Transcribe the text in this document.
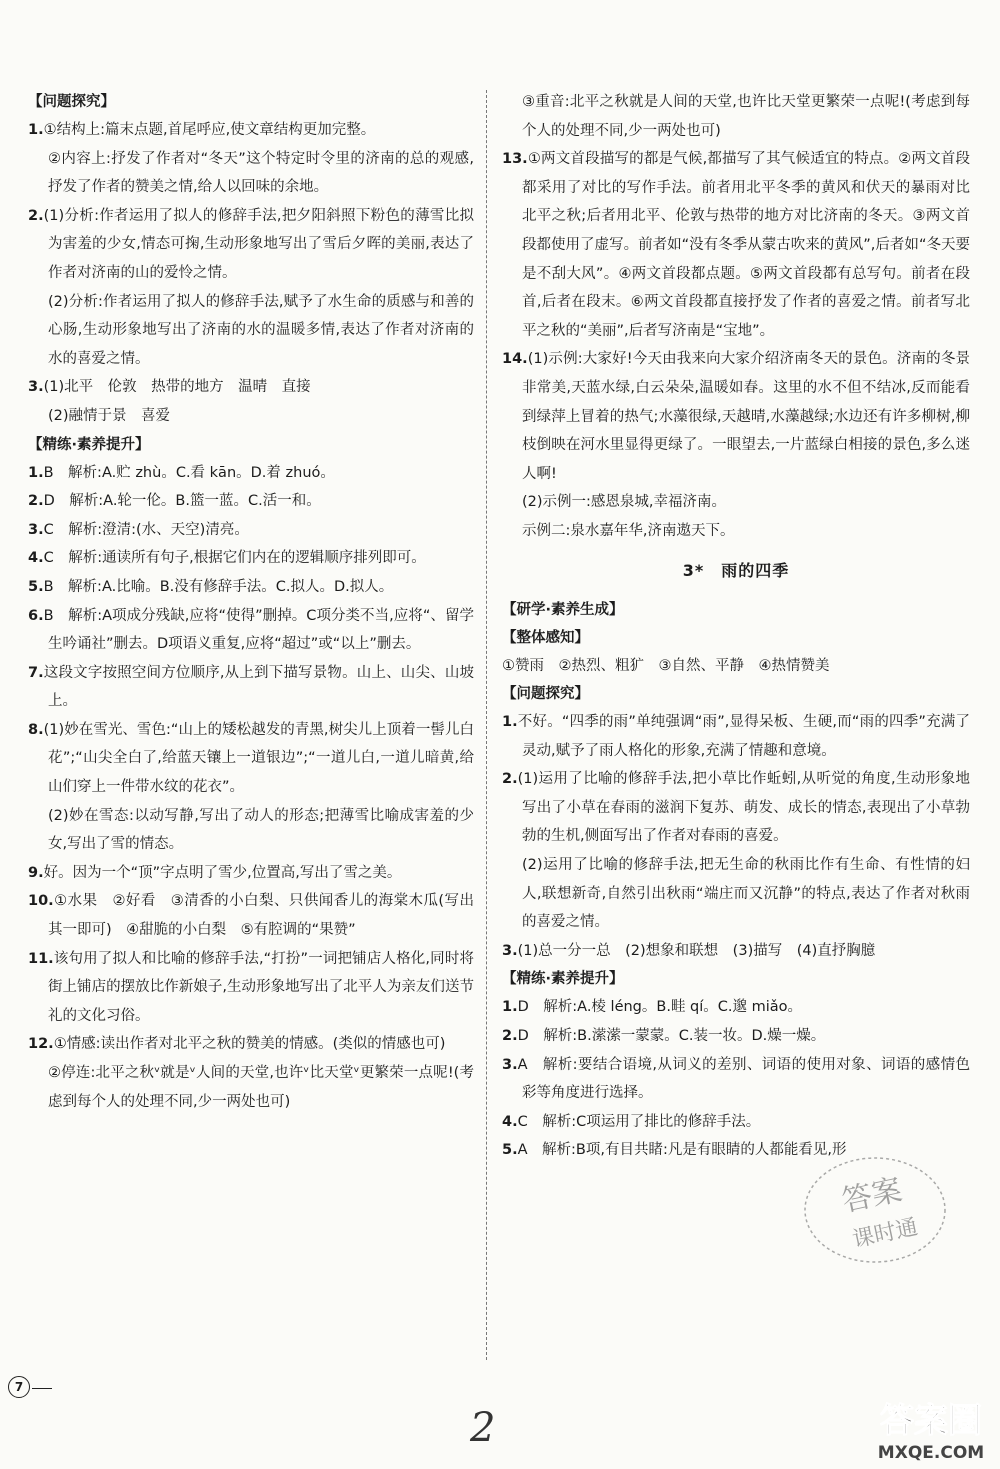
【问题探究】

1.①结构上:篇末点题,首尾呼应,使文章结构更加完整。

②内容上:抒发了作者对“冬天”这个特定时令里的济南的总的观感,抒发了作者的赞美之情,给人以回味的余地。

2.(1)分析:作者运用了拟人的修辞手法,把夕阳斜照下粉色的薄雪比拟为害羞的少女,情态可掬,生动形象地写出了雪后夕晖的美丽,表达了作者对济南的山的爱怜之情。

(2)分析:作者运用了拟人的修辞手法,赋予了水生命的质感与和善的心肠,生动形象地写出了济南的水的温暖多情,表达了作者对济南的水的喜爱之情。

3.(1)北平　伦敦　热带的地方　温晴　直接

(2)融情于景　喜爱

【精练·素养提升】

1.B　解析:A.贮 zhù。C.看 kān。D.着 zhuó。

2.D　解析:A.轮一伦。B.篮一蓝。C.活一和。

3.C　解析:澄清:(水、天空)清亮。

4.C　解析:通读所有句子,根据它们内在的逻辑顺序排列即可。

5.B　解析:A.比喻。B.没有修辞手法。C.拟人。D.拟人。

6.B　解析:A项成分残缺,应将“使得”删掉。C项分类不当,应将“、留学生吟诵社”删去。D项语义重复,应将“超过”或“以上”删去。

7.这段文字按照空间方位顺序,从上到下描写景物。山上、山尖、山坡上。

8.(1)妙在雪光、雪色:“山上的矮松越发的青黑,树尖儿上顶着一髻儿白花”;“山尖全白了,给蓝天镶上一道银边”;“一道儿白,一道儿暗黄,给山们穿上一件带水纹的花衣”。

(2)妙在雪态:以动写静,写出了动人的形态;把薄雪比喻成害羞的少女,写出了雪的情态。

9.好。因为一个“顶”字点明了雪少,位置高,写出了雪之美。

10.①水果　②好看　③清香的小白梨、只供闻香儿的海棠木瓜(写出其一即可)　④甜脆的小白梨　⑤有腔调的“果赞”

11.该句用了拟人和比喻的修辞手法,“打扮”一词把铺店人格化,同时将街上铺店的摆放比作新娘子,生动形象地写出了北平人为亲友们送节礼的文化习俗。

12.①情感:读出作者对北平之秋的赞美的情感。(类似的情感也可)

②停连:北平之秋ᵛ就是ᵛ人间的天堂,也许ᵛ比天堂ᵛ更繁荣一点呢!(考虑到每个人的处理不同,少一两处也可)

③重音:北平之秋就是人间的天堂,也许比天堂更繁荣一点呢!(考虑到每个人的处理不同,少一两处也可)

13.①两文首段描写的都是气候,都描写了其气候适宜的特点。②两文首段都采用了对比的写作手法。前者用北平冬季的黄风和伏天的暴雨对比北平之秋;后者用北平、伦敦与热带的地方对比济南的冬天。③两文首段都使用了虚写。前者如“没有冬季从蒙古吹来的黄风”,后者如“冬天要是不刮大风”。④两文首段都点题。⑤两文首段都有总写句。前者在段首,后者在段末。⑥两文首段都直接抒发了作者的喜爱之情。前者写北平之秋的“美丽”,后者写济南是“宝地”。

14.(1)示例:大家好!今天由我来向大家介绍济南冬天的景色。济南的冬景非常美,天蓝水绿,白云朵朵,温暖如春。这里的水不但不结冰,反而能看到绿萍上冒着的热气;水藻很绿,天越晴,水藻越绿;水边还有许多柳树,柳枝倒映在河水里显得更绿了。一眼望去,一片蓝绿白相接的景色,多么迷人啊!

(2)示例一:感恩泉城,幸福济南。

示例二:泉水嘉年华,济南遨天下。

3*　雨的四季

【研学·素养生成】

【整体感知】

①赞雨　②热烈、粗犷　③自然、平静　④热情赞美

【问题探究】

1.不好。“四季的雨”单纯强调“雨”,显得呆板、生硬,而“雨的四季”充满了灵动,赋予了雨人格化的形象,充满了情趣和意境。

2.(1)运用了比喻的修辞手法,把小草比作蚯蚓,从听觉的角度,生动形象地写出了小草在春雨的滋润下复苏、萌发、成长的情态,表现出了小草勃勃的生机,侧面写出了作者对春雨的喜爱。

(2)运用了比喻的修辞手法,把无生命的秋雨比作有生命、有性情的妇人,联想新奇,自然引出秋雨“端庄而又沉静”的特点,表达了作者对秋雨的喜爱之情。

3.(1)总一分一总　(2)想象和联想　(3)描写　(4)直抒胸臆

【精练·素养提升】

1.D　解析:A.棱 léng。B.畦 qí。C.邈 miǎo。

2.D　解析:B.潆潆一蒙蒙。C.装一妆。D.燥一燥。

3.A　解析:要结合语境,从词义的差别、词语的使用对象、词语的感情色彩等角度进行选择。

4.C　解析:C项运用了排比的修辞手法。

5.A　解析:B项,有目共睹:凡是有眼睛的人都能看见,形

7
2
答案
课时通
答案圈
MXQE.COM
